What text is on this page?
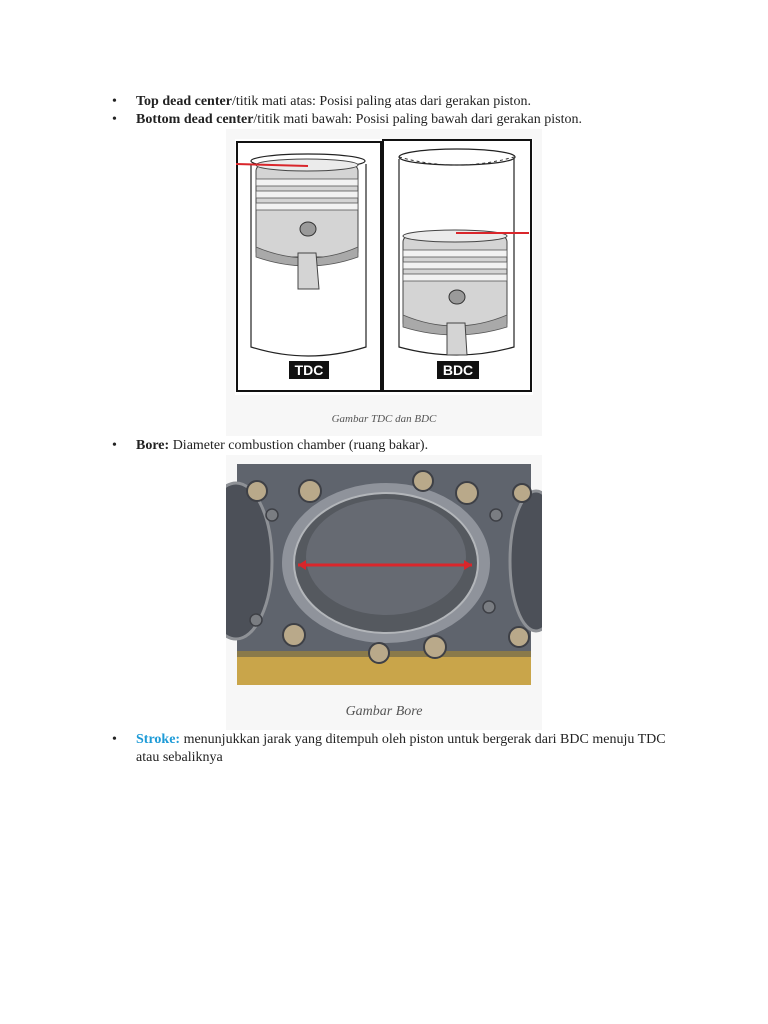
• Top dead center/titik mati atas: Posisi paling atas dari gerakan piston.
• Bottom dead center/titik mati bawah: Posisi paling bawah dari gerakan piston.
TDC	BDC
Gambar TDC dan BDC
• Bore: Diameter combustion chamber (ruang bakar).
Gambar Bore
• Stroke: menunjukkan jarak yang ditempuh oleh piston untuk bergerak dari BDC menuju TDC atau sebaliknya
